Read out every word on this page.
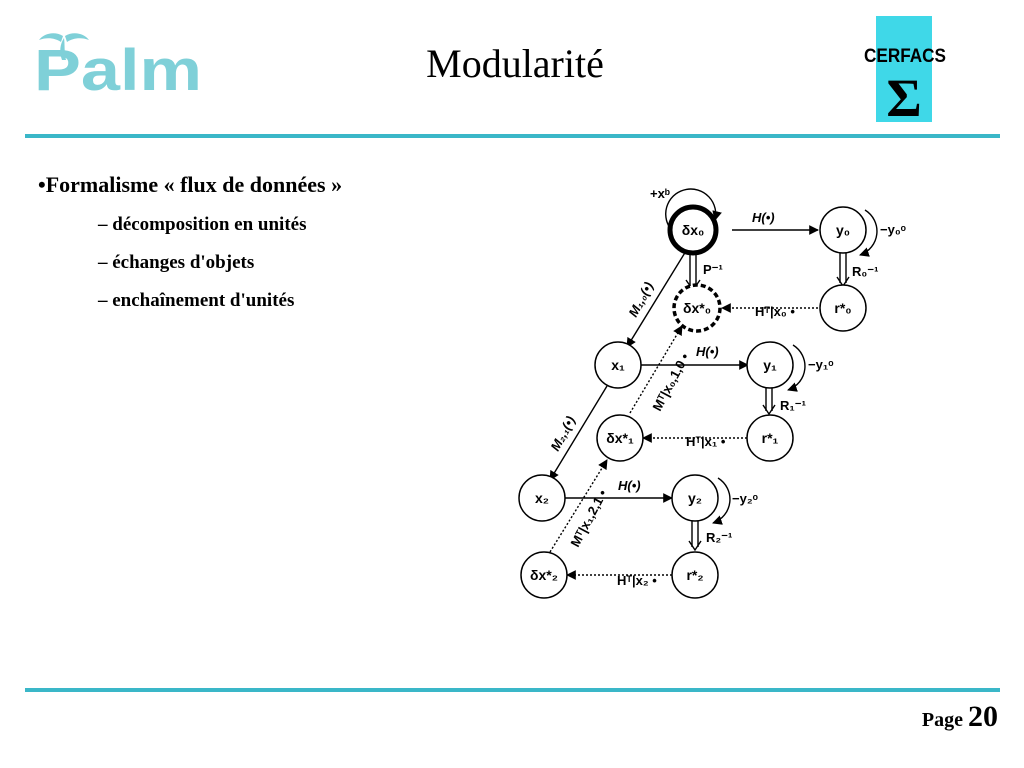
Palm	Modularité	CERFACS
Σ
•Formalisme « flux de données »
– décomposition en unités
– échanges d'objets
– enchaînement d'unités
δx₀	y₀
δx*₀	r*₀
x₁	y₁
δx*₁	r*₁
x₂	y₂
δx*₂	r*₂
+xᵇ
H(•)
−y₀ᵒ
P⁻¹	R₀⁻¹
Hᵀ|x₀ •
H(•)
−y₁ᵒ
R₁⁻¹
Hᵀ|x₁ •
H(•)
−y₂ᵒ
R₂⁻¹
Hᵀ|x₂ •
M₁,₀(•)
M₂,₁(•)
Mᵀ|x₀,1,0 •
Mᵀ|x₁,2,1 •
Page 20
